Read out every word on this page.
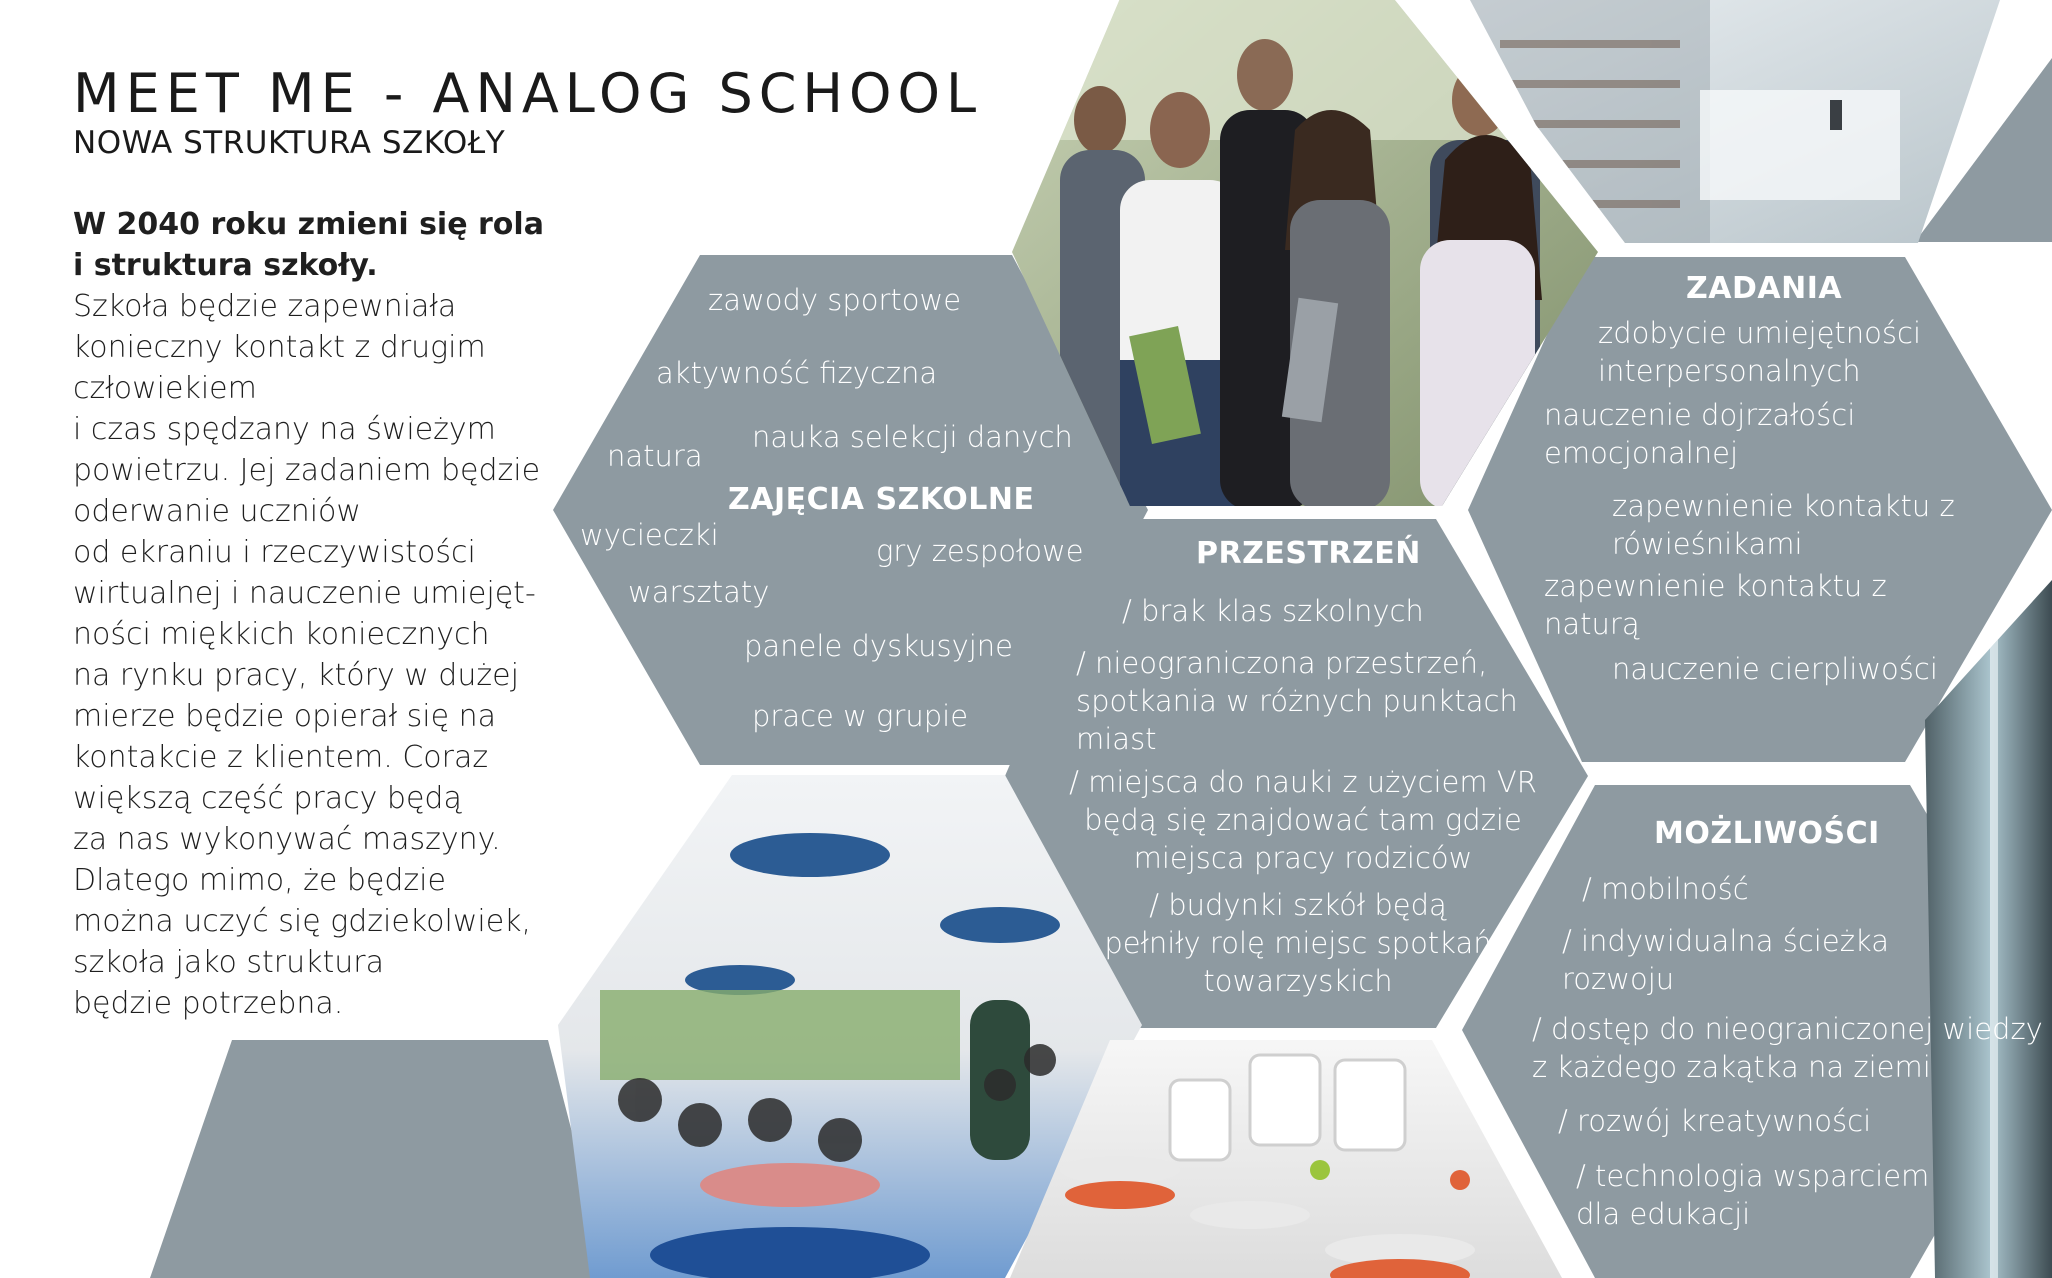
MEET ME - ANALOG SCHOOL
NOWA STRUKTURA SZKOŁY
W 2040 roku zmieni się rola
i struktura szkoły.
Szkoła będzie zapewniała
konieczny kontakt z drugim
człowiekiem
i czas spędzany na świeżym
powietrzu. Jej zadaniem będzie
oderwanie uczniów
od ekraniu i rzeczywistości
wirtualnej i nauczenie umiejęt-
ności miękkich koniecznych
na rynku pracy, który w dużej
mierze będzie opierał się na
kontakcie z klientem. Coraz
większą część pracy będą
za nas wykonywać maszyny.
Dlatego mimo, że będzie
można uczyć się gdziekolwiek,
szkoła jako struktura
będzie potrzebna.
zawody sportowe
aktywność fizyczna
natura
nauka selekcji danych
ZAJĘCIA SZKOLNE
wycieczki	gry zespołowe
warsztaty
panele dyskusyjne
prace w grupie
PRZESTRZEŃ
/ brak klas szkolnych
/ nieograniczona przestrzeń,
spotkania w różnych punktach
miast
/ miejsca do nauki z użyciem VR
będą się znajdować tam gdzie
miejsca pracy rodziców
/ budynki szkół będą
pełniły rolę miejsc spotkań
towarzyskich
ZADANIA
zdobycie umiejętności
interpersonalnych
nauczenie dojrzałości
emocjonalnej
zapewnienie kontaktu z
rówieśnikami
zapewnienie kontaktu z
naturą
nauczenie cierpliwości
MOŻLIWOŚCI
/ mobilność
/ indywidualna ścieżka
rozwoju
/ dostęp do nieograniczonej wiedzy
z każdego zakątka na ziemi
/ rozwój kreatywności
/ technologia wsparciem
dla edukacji
